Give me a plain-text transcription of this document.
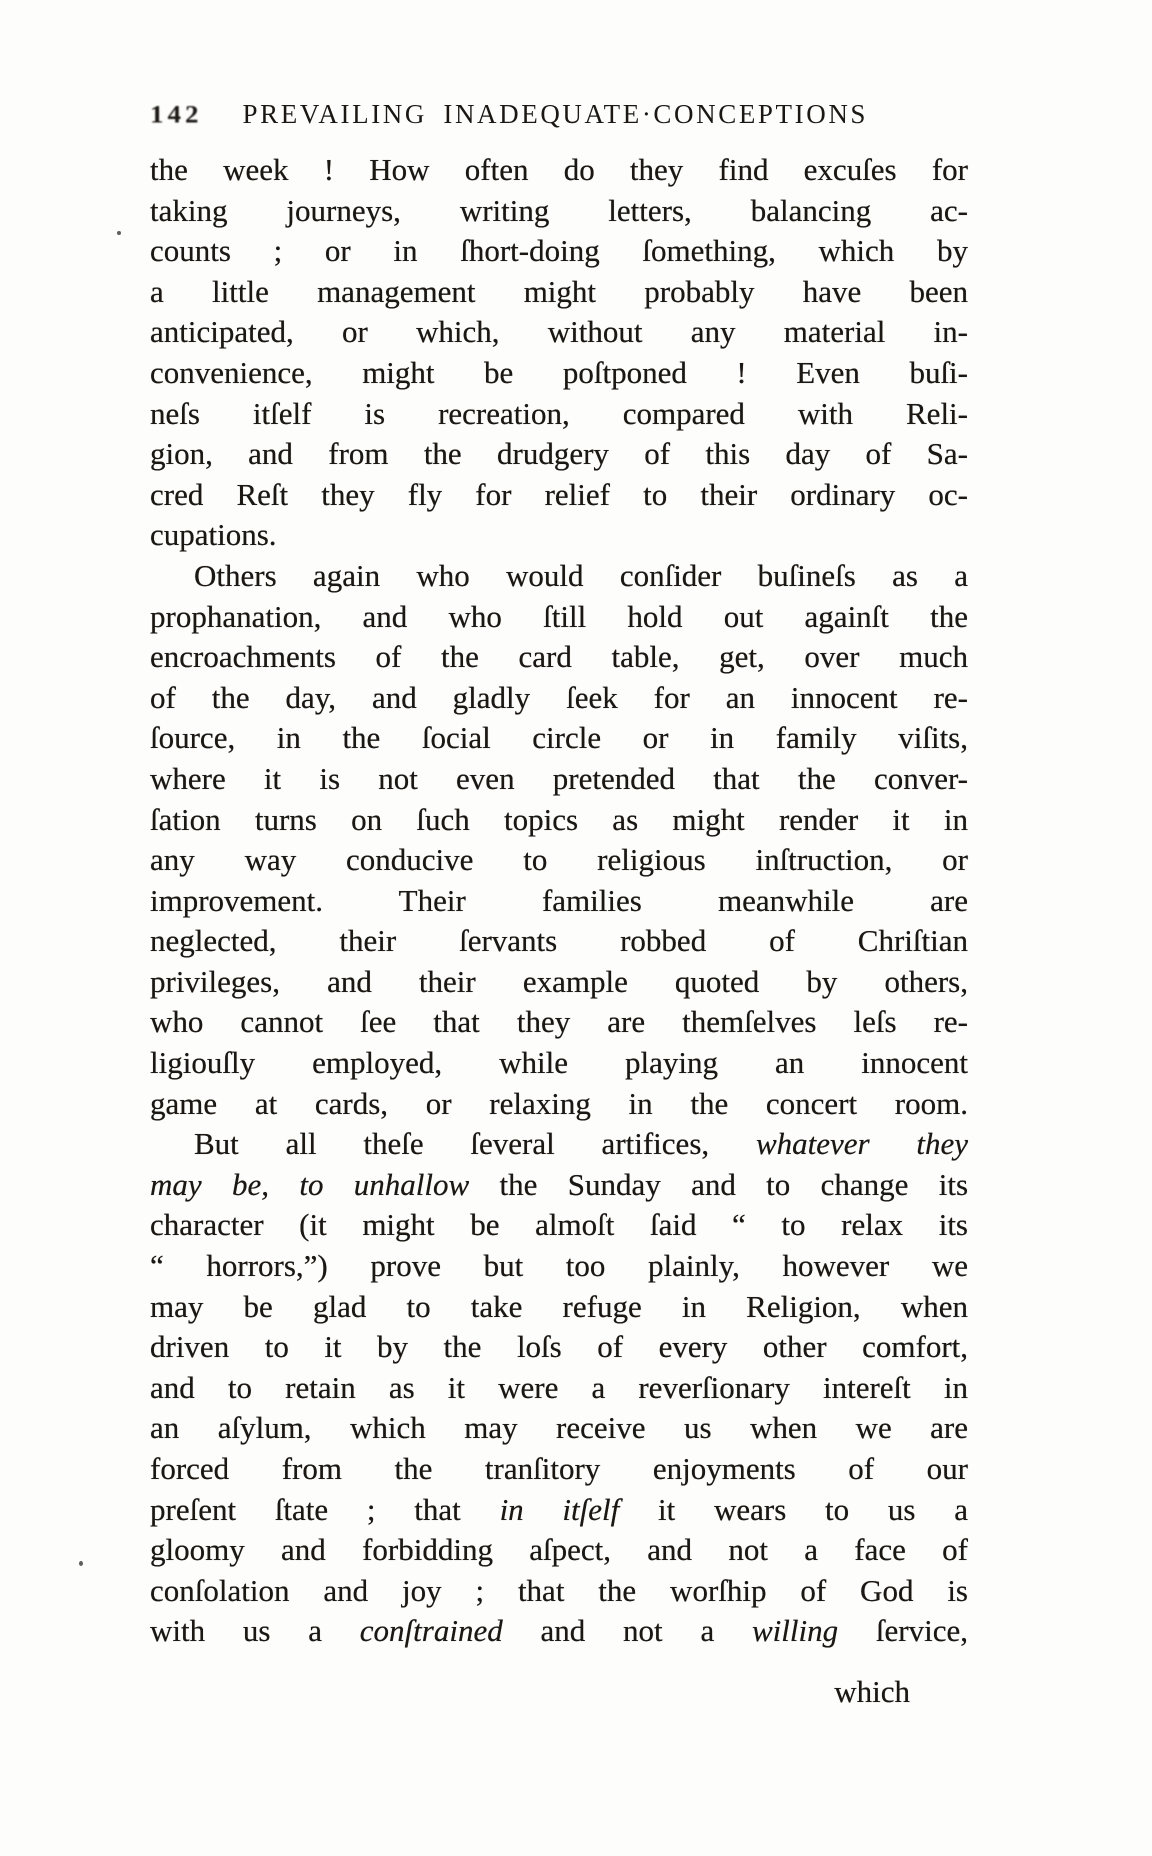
142 PREVAILING INADEQUATE·CONCEPTIONS
the week ! How often do they find excuſes for
taking journeys, writing letters, balancing ac-
counts ; or in ſhort-doing ſomething, which by
a little management might probably have been
anticipated, or which, without any material in-
convenience, might be poſtponed ! Even buſi-
neſs itſelf is recreation, compared with Reli-
gion, and from the drudgery of this day of Sa-
cred Reſt they fly for relief to their ordinary oc-
cupations.
Others again who would conſider buſineſs as a
prophanation, and who ſtill hold out againſt the
encroachments of the card table, get, over much
of the day, and gladly ſeek for an innocent re-
ſource, in the ſocial circle or in family viſits,
where it is not even pretended that the conver-
ſation turns on ſuch topics as might render it in
any way conducive to religious inſtruction, or
improvement. Their families meanwhile are
neglected, their ſervants robbed of Chriſtian
privileges, and their example quoted by others,
who cannot ſee that they are themſelves leſs re-
ligiouſly employed, while playing an innocent
game at cards, or relaxing in the concert room.
But all theſe ſeveral artifices, whatever they
may be, to unhallow the Sunday and to change its
character (it might be almoſt ſaid “ to relax its
“ horrors,”) prove but too plainly, however we
may be glad to take refuge in Religion, when
driven to it by the loſs of every other comfort,
and to retain as it were a reverſionary intereſt in
an aſylum, which may receive us when we are
forced from the tranſitory enjoyments of our
preſent ſtate ; that in itſelf it wears to us a
gloomy and forbidding aſpect, and not a face of
conſolation and joy ; that the worſhip of God is
with us a conſtrained and not a willing ſervice,
which
